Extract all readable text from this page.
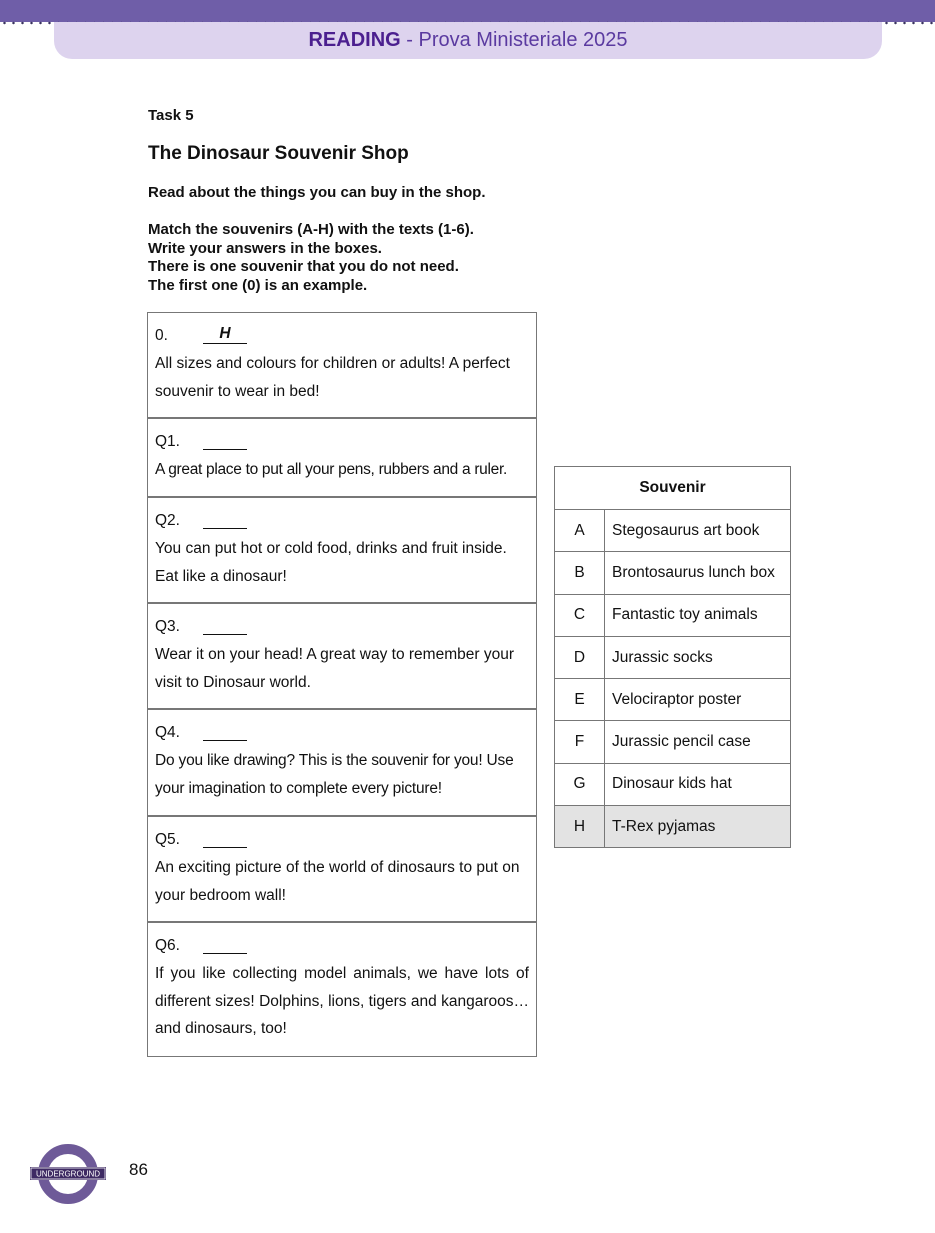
READING - Prova Ministeriale 2025
Task 5
The Dinosaur Souvenir Shop
Read about the things you can buy in the shop.
Match the souvenirs (A-H) with the texts (1-6).
Write your answers in the boxes.
There is one souvenir that you do not need.
The first one (0) is an example.
0.	H
All sizes and colours for children or adults! A perfect souvenir to wear in bed!
Q1.
A great place to put all your pens, rubbers and a ruler.
Q2.
You can put hot or cold food, drinks and fruit inside. Eat like a dinosaur!
Q3.
Wear it on your head! A great way to remember your visit to Dinosaur world.
Q4.
Do you like drawing? This is the souvenir for you! Use your imagination to complete every picture!
Q5.
An exciting picture of the world of dinosaurs to put on your bedroom wall!
Q6.
If you like collecting model animals, we have lots of different sizes! Dolphins, lions, tigers and kangaroos… and dinosaurs, too!
Souvenir	
A	Stegosaurus art book
B	Brontosaurus lunch box
C	Fantastic toy animals
D	Jurassic socks
E	Velociraptor poster
F	Jurassic pencil case
G	Dinosaur kids hat
H	T-Rex pyjamas
UNDERGROUND 86
